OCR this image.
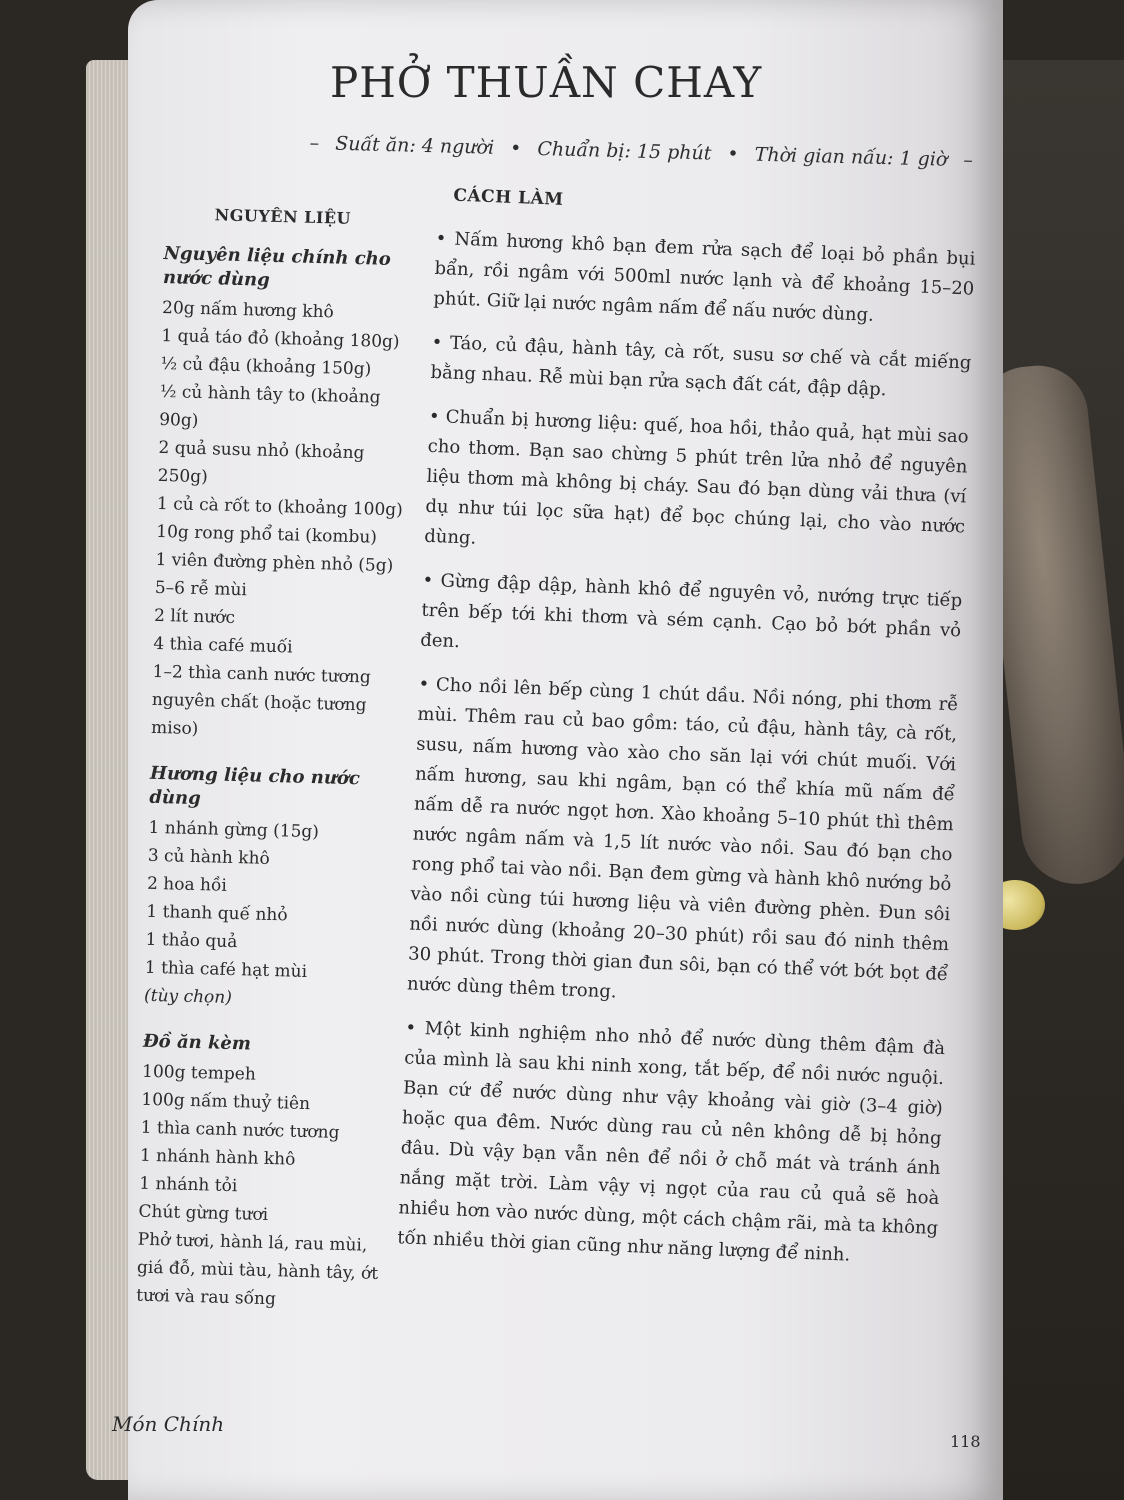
PHỞ THUẦN CHAY
– Suất ăn: 4 người • Chuẩn bị: 15 phút • Thời gian nấu: 1 giờ –
NGUYÊN LIỆU
Nguyên liệu chính cho nước dùng
20g nấm hương khô
1 quả táo đỏ (khoảng 180g)
½ củ đậu (khoảng 150g)
½ củ hành tây to (khoảng 90g)
2 quả susu nhỏ (khoảng 250g)
1 củ cà rốt to (khoảng 100g)
10g rong phổ tai (kombu)
1 viên đường phèn nhỏ (5g)
5–6 rễ mùi
2 lít nước
4 thìa café muối
1–2 thìa canh nước tương nguyên chất (hoặc tương miso)
Hương liệu cho nước dùng
1 nhánh gừng (15g)
3 củ hành khô
2 hoa hồi
1 thanh quế nhỏ
1 thảo quả
1 thìa café hạt mùi
(tùy chọn)
Đồ ăn kèm
100g tempeh
100g nấm thuỷ tiên
1 thìa canh nước tương
1 nhánh hành khô
1 nhánh tỏi
Chút gừng tươi
Phở tươi, hành lá, rau mùi, giá đỗ, mùi tàu, hành tây, ớt tươi và rau sống
CÁCH LÀM

• Nấm hương khô bạn đem rửa sạch để loại bỏ phần bụi bẩn, rồi ngâm với 500ml nước lạnh và để khoảng 15–20 phút. Giữ lại nước ngâm nấm để nấu nước dùng.

• Táo, củ đậu, hành tây, cà rốt, susu sơ chế và cắt miếng bằng nhau. Rễ mùi bạn rửa sạch đất cát, đập dập.

• Chuẩn bị hương liệu: quế, hoa hồi, thảo quả, hạt mùi sao cho thơm. Bạn sao chừng 5 phút trên lửa nhỏ để nguyên liệu thơm mà không bị cháy. Sau đó bạn dùng vải thưa (ví dụ như túi lọc sữa hạt) để bọc chúng lại, cho vào nước dùng.

• Gừng đập dập, hành khô để nguyên vỏ, nướng trực tiếp trên bếp tới khi thơm và sém cạnh. Cạo bỏ bớt phần vỏ đen.

• Cho nồi lên bếp cùng 1 chút dầu. Nồi nóng, phi thơm rễ mùi. Thêm rau củ bao gồm: táo, củ đậu, hành tây, cà rốt, susu, nấm hương vào xào cho săn lại với chút muối. Với nấm hương, sau khi ngâm, bạn có thể khía mũ nấm để nấm dễ ra nước ngọt hơn. Xào khoảng 5–10 phút thì thêm nước ngâm nấm và 1,5 lít nước vào nồi. Sau đó bạn cho rong phổ tai vào nồi. Bạn đem gừng và hành khô nướng bỏ vào nồi cùng túi hương liệu và viên đường phèn. Đun sôi nồi nước dùng (khoảng 20–30 phút) rồi sau đó ninh thêm 30 phút. Trong thời gian đun sôi, bạn có thể vớt bớt bọt để nước dùng thêm trong.

• Một kinh nghiệm nho nhỏ để nước dùng thêm đậm đà của mình là sau khi ninh xong, tắt bếp, để nồi nước nguội. Bạn cứ để nước dùng như vậy khoảng vài giờ (3–4 giờ) hoặc qua đêm. Nước dùng rau củ nên không dễ bị hỏng đâu. Dù vậy bạn vẫn nên để nồi ở chỗ mát và tránh ánh nắng mặt trời. Làm vậy vị ngọt của rau củ quả sẽ hoà nhiều hơn vào nước dùng, một cách chậm rãi, mà ta không tốn nhiều thời gian cũng như năng lượng để ninh.

Món Chính
118
